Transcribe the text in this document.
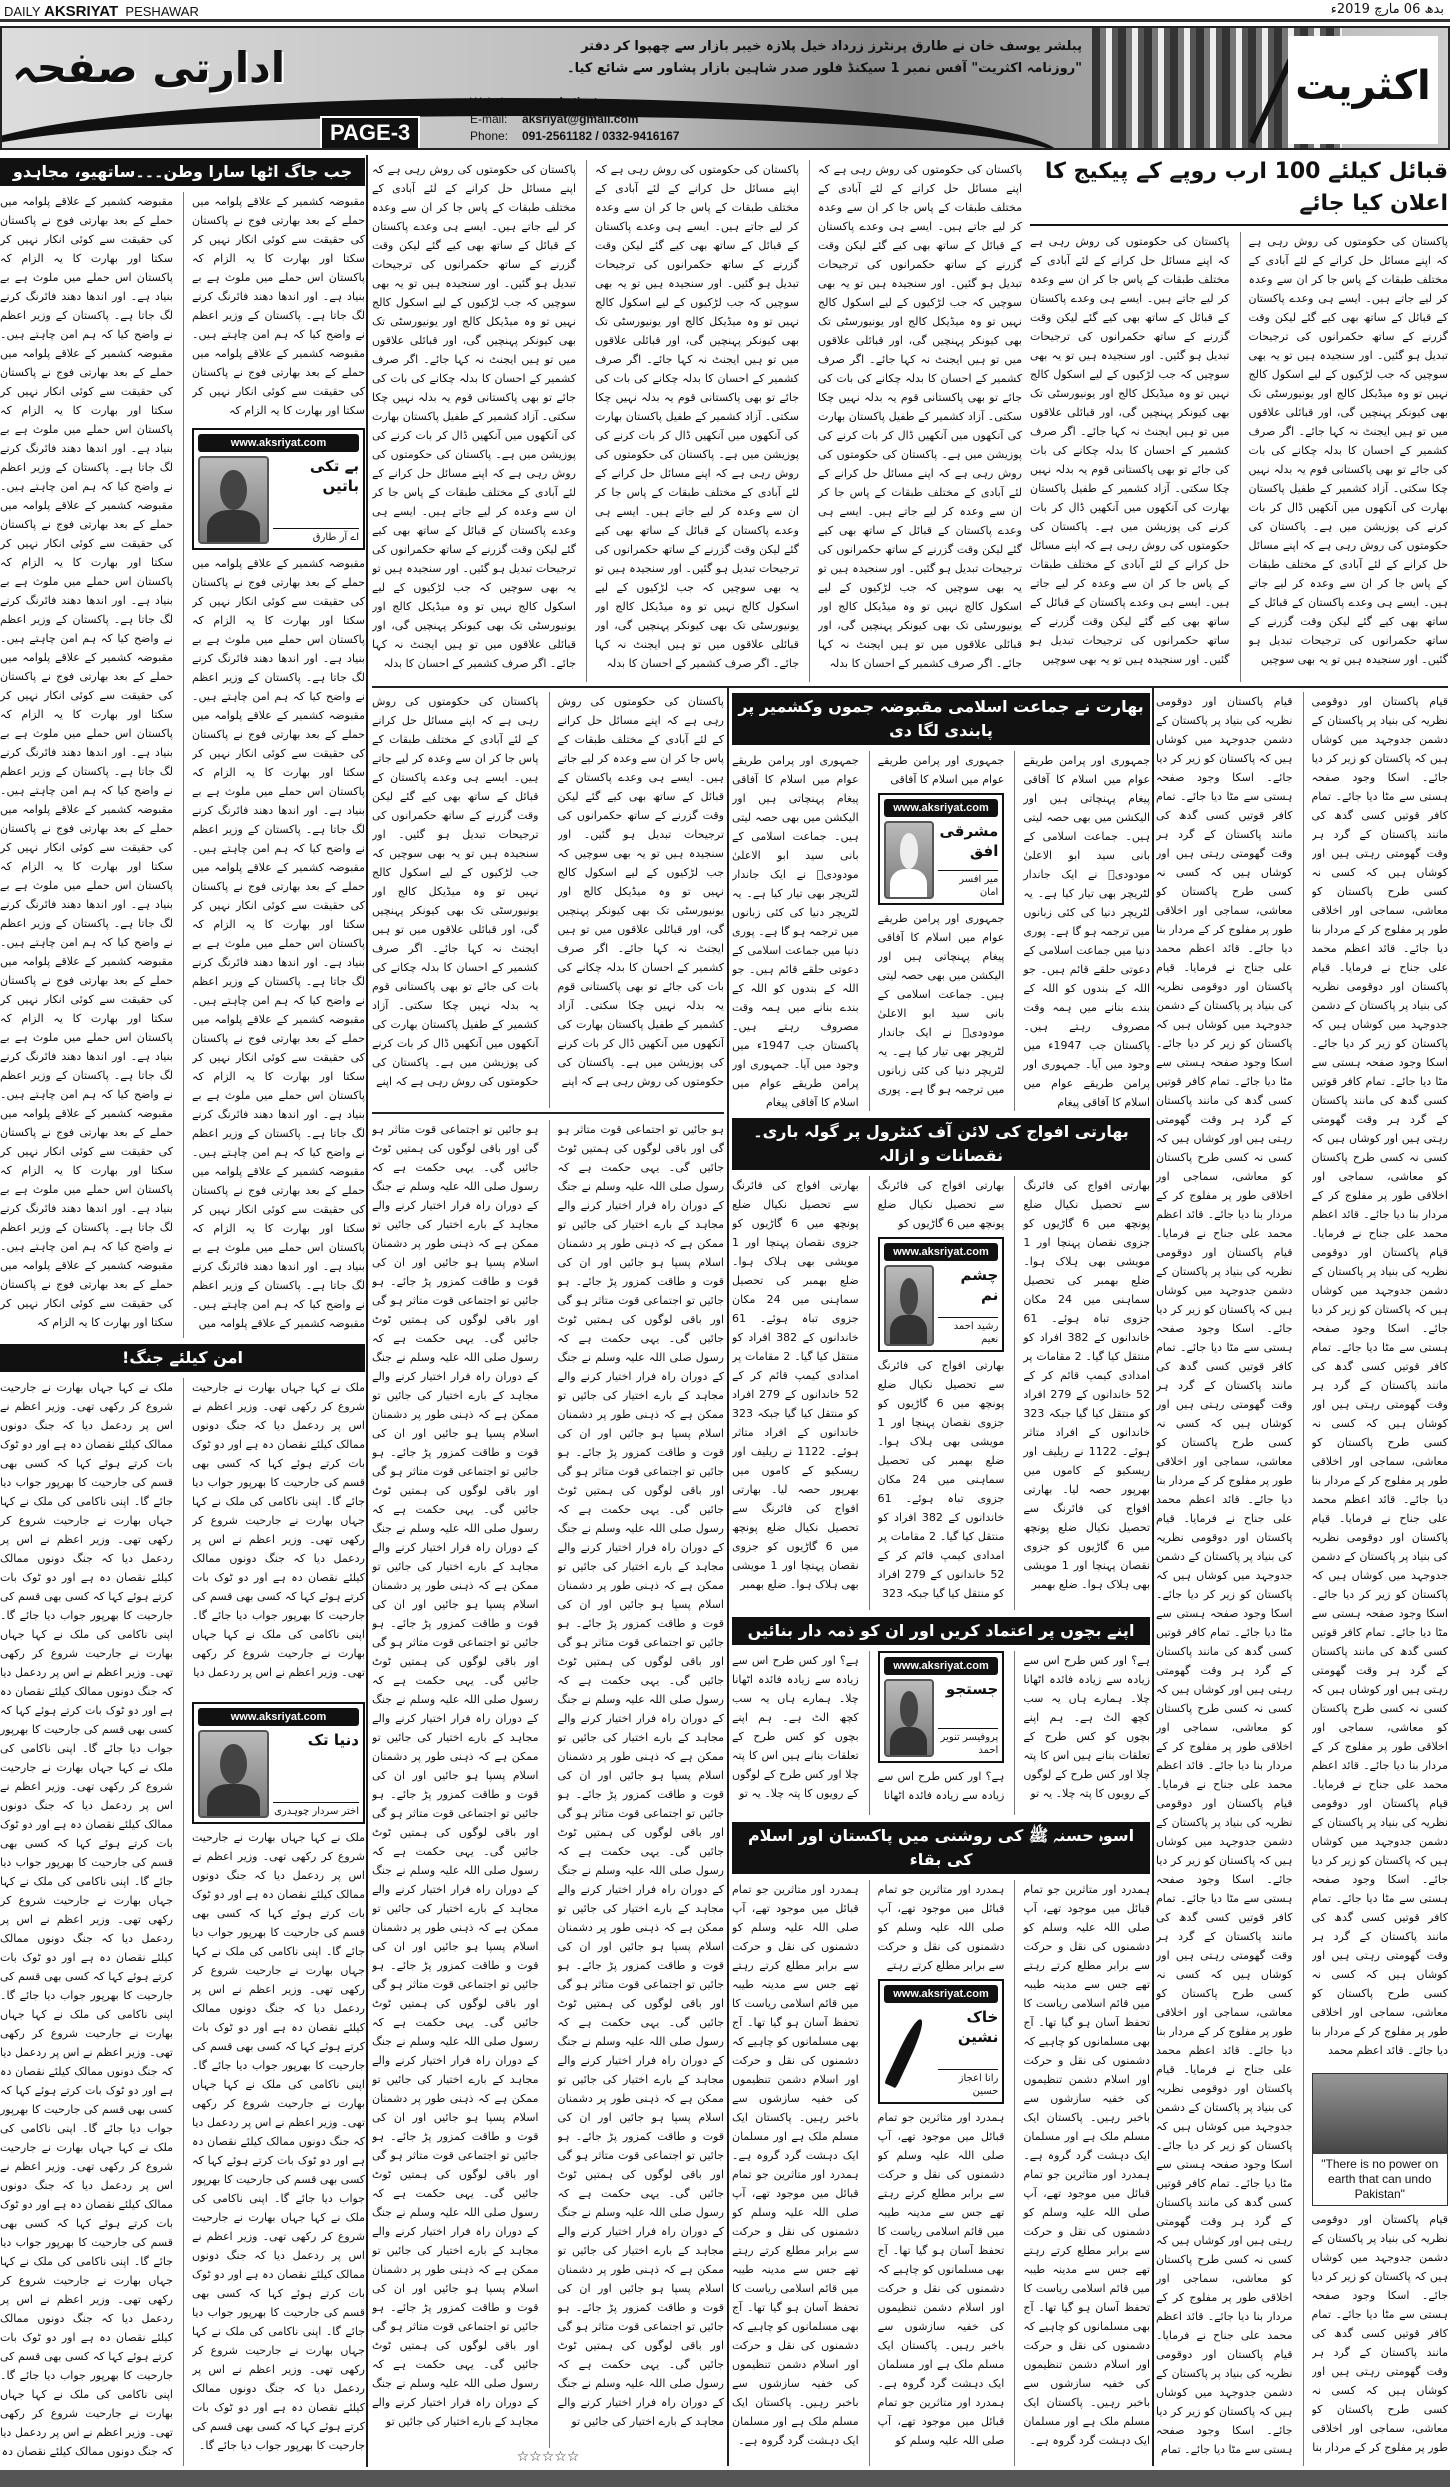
DAILY AKSRIYAT PESHAWAR	بدھ 06 مارچ 2019ء
اکثریت
ادارتی صفحہ	پبلشر یوسف خان نے طارق پرنٹرز زرداد خیل پلازہ خیبر بازار سے چھپوا کر دفتر
"روزنامہ اکثریت" آفس نمبر 1 سیکنڈ فلور صدر شاہین بازار پشاور سے شائع کیا۔
PAGE-3
Website: www.akstiyat.com
E-mail: aksriyat@gmail.com
Phone: 091-2561182 / 0332-9416167
جب جاگ اٹھا سارا وطن۔۔۔ساتھیو، مجاہدو
مقبوضہ کشمیر کے علاقے پلوامہ میں حملے کے بعد بھارتی فوج نے پاکستان کی حقیقت سے کوئی انکار نہیں کر سکتا اور بھارت کا یہ الزام کہ پاکستان اس حملے میں ملوث ہے بے بنیاد ہے۔ اور اندھا دھند فائرنگ کرنے لگ جاتا ہے۔ پاکستان کے وزیر اعظم نے واضح کیا کہ ہم امن چاہتے ہیں۔ مقبوضہ کشمیر کے علاقے پلوامہ میں حملے کے بعد بھارتی فوج نے پاکستان کی حقیقت سے کوئی انکار نہیں کر سکتا اور بھارت کا یہ الزام کہ پاکستان اس حملے میں ملوث ہے بے بنیاد ہے۔ اور اندھا دھند فائرنگ کرنے لگ جاتا ہے۔ پاکستان کے وزیر اعظم نے واضح کیا کہ ہم امن چاہتے ہیں۔ مقبوضہ کشمیر کے علاقے پلوامہ میں حملے کے بعد بھارتی فوج نے پاکستان کی حقیقت سے کوئی انکار نہیں کر سکتا اور بھارت کا یہ الزام کہ پاکستان اس حملے میں ملوث ہے بے بنیاد ہے۔ اور اندھا دھند فائرنگ کرنے لگ جاتا ہے۔ پاکستان کے وزیر اعظم نے واضح کیا کہ ہم امن چاہتے ہیں۔ مقبوضہ کشمیر کے علاقے پلوامہ میں حملے کے بعد بھارتی فوج نے پاکستان کی حقیقت سے کوئی انکار نہیں کر سکتا اور بھارت کا یہ الزام کہ پاکستان اس حملے میں ملوث ہے بے بنیاد ہے۔ اور اندھا دھند فائرنگ کرنے لگ جاتا ہے۔ پاکستان کے وزیر اعظم نے واضح کیا کہ ہم امن چاہتے ہیں۔ مقبوضہ کشمیر کے علاقے پلوامہ میں حملے کے بعد بھارتی فوج نے پاکستان کی حقیقت سے کوئی انکار نہیں کر سکتا اور بھارت کا یہ الزام کہ پاکستان اس حملے میں ملوث ہے بے بنیاد ہے۔ اور اندھا دھند فائرنگ کرنے لگ جاتا ہے۔ پاکستان کے وزیر اعظم نے واضح کیا کہ ہم امن چاہتے ہیں۔ مقبوضہ کشمیر کے علاقے پلوامہ میں حملے کے بعد بھارتی فوج نے پاکستان کی حقیقت سے کوئی انکار نہیں کر سکتا اور بھارت کا یہ الزام کہ پاکستان اس حملے میں ملوث ہے بے بنیاد ہے۔ اور اندھا دھند فائرنگ کرنے لگ جاتا ہے۔ پاکستان کے وزیر اعظم نے واضح کیا کہ ہم امن چاہتے ہیں۔ مقبوضہ کشمیر کے علاقے پلوامہ میں حملے کے بعد بھارتی فوج نے پاکستان کی حقیقت سے کوئی انکار نہیں کر سکتا اور بھارت کا یہ الزام کہ پاکستان اس حملے میں ملوث ہے بے بنیاد ہے۔ اور اندھا دھند فائرنگ کرنے لگ جاتا ہے۔ پاکستان کے وزیر اعظم نے واضح کیا کہ ہم امن چاہتے ہیں۔ مقبوضہ کشمیر کے علاقے پلوامہ میں حملے کے بعد بھارتی فوج نے پاکستان کی حقیقت سے کوئی انکار نہیں کر سکتا اور بھارت کا یہ الزام کہ
مقبوضہ کشمیر کے علاقے پلوامہ میں حملے کے بعد بھارتی فوج نے پاکستان کی حقیقت سے کوئی انکار نہیں کر سکتا اور بھارت کا یہ الزام کہ پاکستان اس حملے میں ملوث ہے بے بنیاد ہے۔ اور اندھا دھند فائرنگ کرنے لگ جاتا ہے۔ پاکستان کے وزیر اعظم نے واضح کیا کہ ہم امن چاہتے ہیں۔ مقبوضہ کشمیر کے علاقے پلوامہ میں حملے کے بعد بھارتی فوج نے پاکستان کی حقیقت سے کوئی انکار نہیں کر سکتا اور بھارت کا یہ الزام کہ
www.aksriyat.com
بے تکی باتیں
اے آر طارق
مقبوضہ کشمیر کے علاقے پلوامہ میں حملے کے بعد بھارتی فوج نے پاکستان کی حقیقت سے کوئی انکار نہیں کر سکتا اور بھارت کا یہ الزام کہ پاکستان اس حملے میں ملوث ہے بے بنیاد ہے۔ اور اندھا دھند فائرنگ کرنے لگ جاتا ہے۔ پاکستان کے وزیر اعظم نے واضح کیا کہ ہم امن چاہتے ہیں۔ مقبوضہ کشمیر کے علاقے پلوامہ میں حملے کے بعد بھارتی فوج نے پاکستان کی حقیقت سے کوئی انکار نہیں کر سکتا اور بھارت کا یہ الزام کہ پاکستان اس حملے میں ملوث ہے بے بنیاد ہے۔ اور اندھا دھند فائرنگ کرنے لگ جاتا ہے۔ پاکستان کے وزیر اعظم نے واضح کیا کہ ہم امن چاہتے ہیں۔ مقبوضہ کشمیر کے علاقے پلوامہ میں حملے کے بعد بھارتی فوج نے پاکستان کی حقیقت سے کوئی انکار نہیں کر سکتا اور بھارت کا یہ الزام کہ پاکستان اس حملے میں ملوث ہے بے بنیاد ہے۔ اور اندھا دھند فائرنگ کرنے لگ جاتا ہے۔ پاکستان کے وزیر اعظم نے واضح کیا کہ ہم امن چاہتے ہیں۔ مقبوضہ کشمیر کے علاقے پلوامہ میں حملے کے بعد بھارتی فوج نے پاکستان کی حقیقت سے کوئی انکار نہیں کر سکتا اور بھارت کا یہ الزام کہ پاکستان اس حملے میں ملوث ہے بے بنیاد ہے۔ اور اندھا دھند فائرنگ کرنے لگ جاتا ہے۔ پاکستان کے وزیر اعظم نے واضح کیا کہ ہم امن چاہتے ہیں۔ مقبوضہ کشمیر کے علاقے پلوامہ میں حملے کے بعد بھارتی فوج نے پاکستان کی حقیقت سے کوئی انکار نہیں کر سکتا اور بھارت کا یہ الزام کہ پاکستان اس حملے میں ملوث ہے بے بنیاد ہے۔ اور اندھا دھند فائرنگ کرنے لگ جاتا ہے۔ پاکستان کے وزیر اعظم نے واضح کیا کہ ہم امن چاہتے ہیں۔ مقبوضہ کشمیر کے علاقے پلوامہ میں
امن کیلئے جنگ!
ملک نے کہا جہاں بھارت نے جارحیت شروع کر رکھی تھی۔ وزیر اعظم نے اس پر ردعمل دیا کہ جنگ دونوں ممالک کیلئے نقصان دہ ہے اور دو ٹوک بات کرتے ہوئے کہا کہ کسی بھی قسم کی جارحیت کا بھرپور جواب دیا جائے گا۔ اپنی ناکامی کی ملک نے کہا جہاں بھارت نے جارحیت شروع کر رکھی تھی۔ وزیر اعظم نے اس پر ردعمل دیا کہ جنگ دونوں ممالک کیلئے نقصان دہ ہے اور دو ٹوک بات کرتے ہوئے کہا کہ کسی بھی قسم کی جارحیت کا بھرپور جواب دیا جائے گا۔ اپنی ناکامی کی ملک نے کہا جہاں بھارت نے جارحیت شروع کر رکھی تھی۔ وزیر اعظم نے اس پر ردعمل دیا کہ جنگ دونوں ممالک کیلئے نقصان دہ ہے اور دو ٹوک بات کرتے ہوئے کہا کہ کسی بھی قسم کی جارحیت کا بھرپور جواب دیا جائے گا۔ اپنی ناکامی کی ملک نے کہا جہاں بھارت نے جارحیت شروع کر رکھی تھی۔ وزیر اعظم نے اس پر ردعمل دیا کہ جنگ دونوں ممالک کیلئے نقصان دہ ہے اور دو ٹوک بات کرتے ہوئے کہا کہ کسی بھی قسم کی جارحیت کا بھرپور جواب دیا جائے گا۔ اپنی ناکامی کی ملک نے کہا جہاں بھارت نے جارحیت شروع کر رکھی تھی۔ وزیر اعظم نے اس پر ردعمل دیا کہ جنگ دونوں ممالک کیلئے نقصان دہ ہے اور دو ٹوک بات کرتے ہوئے کہا کہ کسی بھی قسم کی جارحیت کا بھرپور جواب دیا جائے گا۔ اپنی ناکامی کی ملک نے کہا جہاں بھارت نے جارحیت شروع کر رکھی تھی۔ وزیر اعظم نے اس پر ردعمل دیا کہ جنگ دونوں ممالک کیلئے نقصان دہ ہے اور دو ٹوک بات کرتے ہوئے کہا کہ کسی بھی قسم کی جارحیت کا بھرپور جواب دیا جائے گا۔ اپنی ناکامی کی ملک نے کہا جہاں بھارت نے جارحیت شروع کر رکھی تھی۔ وزیر اعظم نے اس پر ردعمل دیا کہ جنگ دونوں ممالک کیلئے نقصان دہ ہے اور دو ٹوک بات کرتے ہوئے کہا کہ کسی بھی قسم کی جارحیت کا بھرپور جواب دیا جائے گا۔ اپنی ناکامی کی ملک نے کہا جہاں بھارت نے جارحیت شروع کر رکھی تھی۔ وزیر اعظم نے اس پر ردعمل دیا کہ جنگ دونوں ممالک کیلئے نقصان دہ ہے اور دو ٹوک بات کرتے ہوئے کہا کہ کسی بھی قسم کی جارحیت کا بھرپور جواب دیا جائے گا۔ اپنی ناکامی کی ملک نے کہا جہاں بھارت نے جارحیت شروع کر رکھی تھی۔ وزیر اعظم نے اس پر ردعمل دیا کہ جنگ دونوں ممالک کیلئے نقصان دہ
ملک نے کہا جہاں بھارت نے جارحیت شروع کر رکھی تھی۔ وزیر اعظم نے اس پر ردعمل دیا کہ جنگ دونوں ممالک کیلئے نقصان دہ ہے اور دو ٹوک بات کرتے ہوئے کہا کہ کسی بھی قسم کی جارحیت کا بھرپور جواب دیا جائے گا۔ اپنی ناکامی کی ملک نے کہا جہاں بھارت نے جارحیت شروع کر رکھی تھی۔ وزیر اعظم نے اس پر ردعمل دیا کہ جنگ دونوں ممالک کیلئے نقصان دہ ہے اور دو ٹوک بات کرتے ہوئے کہا کہ کسی بھی قسم کی جارحیت کا بھرپور جواب دیا جائے گا۔ اپنی ناکامی کی ملک نے کہا جہاں بھارت نے جارحیت شروع کر رکھی تھی۔ وزیر اعظم نے اس پر ردعمل دیا
www.aksriyat.com
دنیا تک
اختر سردار چوہدری
ملک نے کہا جہاں بھارت نے جارحیت شروع کر رکھی تھی۔ وزیر اعظم نے اس پر ردعمل دیا کہ جنگ دونوں ممالک کیلئے نقصان دہ ہے اور دو ٹوک بات کرتے ہوئے کہا کہ کسی بھی قسم کی جارحیت کا بھرپور جواب دیا جائے گا۔ اپنی ناکامی کی ملک نے کہا جہاں بھارت نے جارحیت شروع کر رکھی تھی۔ وزیر اعظم نے اس پر ردعمل دیا کہ جنگ دونوں ممالک کیلئے نقصان دہ ہے اور دو ٹوک بات کرتے ہوئے کہا کہ کسی بھی قسم کی جارحیت کا بھرپور جواب دیا جائے گا۔ اپنی ناکامی کی ملک نے کہا جہاں بھارت نے جارحیت شروع کر رکھی تھی۔ وزیر اعظم نے اس پر ردعمل دیا کہ جنگ دونوں ممالک کیلئے نقصان دہ ہے اور دو ٹوک بات کرتے ہوئے کہا کہ کسی بھی قسم کی جارحیت کا بھرپور جواب دیا جائے گا۔ اپنی ناکامی کی ملک نے کہا جہاں بھارت نے جارحیت شروع کر رکھی تھی۔ وزیر اعظم نے اس پر ردعمل دیا کہ جنگ دونوں ممالک کیلئے نقصان دہ ہے اور دو ٹوک بات کرتے ہوئے کہا کہ کسی بھی قسم کی جارحیت کا بھرپور جواب دیا جائے گا۔ اپنی ناکامی کی ملک نے کہا جہاں بھارت نے جارحیت شروع کر رکھی تھی۔ وزیر اعظم نے اس پر ردعمل دیا کہ جنگ دونوں ممالک کیلئے نقصان دہ ہے اور دو ٹوک بات کرتے ہوئے کہا کہ کسی بھی قسم کی جارحیت کا بھرپور جواب دیا جائے گا۔
قبائل کیلئے 100 ارب روپے کے پیکیج کا اعلان کیا جائے
پاکستان کی حکومتوں کی روش رہی ہے کہ اپنے مسائل حل کرانے کے لئے آبادی کے مختلف طبقات کے پاس جا کر ان سے وعدہ کر لیے جاتے ہیں۔ ایسے ہی وعدے پاکستان کے قبائل کے ساتھ بھی کیے گئے لیکن وقت گزرنے کے ساتھ حکمرانوں کی ترجیحات تبدیل ہو گئیں۔ اور سنجیدہ ہیں تو یہ بھی سوچیں کہ جب لڑکیوں کے لیے اسکول کالج نہیں تو وہ میڈیکل کالج اور یونیورسٹی تک بھی کیونکر پہنچیں گی، اور قبائلی علاقوں میں تو ہیں ایجنٹ نہ کہا جائے۔ اگر صرف کشمیر کے احسان کا بدلہ چکانے کی بات کی جائے تو بھی پاکستانی قوم یہ بدلہ نہیں چکا سکتی۔ آزاد کشمیر کے طفیل پاکستان بھارت کی آنکھوں میں آنکھیں ڈال کر بات کرنے کی پوزیشن میں ہے۔ پاکستان کی حکومتوں کی روش رہی ہے کہ اپنے مسائل حل کرانے کے لئے آبادی کے مختلف طبقات کے پاس جا کر ان سے وعدہ کر لیے جاتے ہیں۔ ایسے ہی وعدے پاکستان کے قبائل کے ساتھ بھی کیے گئے لیکن وقت گزرنے کے ساتھ حکمرانوں کی ترجیحات تبدیل ہو گئیں۔ اور سنجیدہ ہیں تو یہ بھی سوچیں
پاکستان کی حکومتوں کی روش رہی ہے کہ اپنے مسائل حل کرانے کے لئے آبادی کے مختلف طبقات کے پاس جا کر ان سے وعدہ کر لیے جاتے ہیں۔ ایسے ہی وعدے پاکستان کے قبائل کے ساتھ بھی کیے گئے لیکن وقت گزرنے کے ساتھ حکمرانوں کی ترجیحات تبدیل ہو گئیں۔ اور سنجیدہ ہیں تو یہ بھی سوچیں کہ جب لڑکیوں کے لیے اسکول کالج نہیں تو وہ میڈیکل کالج اور یونیورسٹی تک بھی کیونکر پہنچیں گی، اور قبائلی علاقوں میں تو ہیں ایجنٹ نہ کہا جائے۔ اگر صرف کشمیر کے احسان کا بدلہ چکانے کی بات کی جائے تو بھی پاکستانی قوم یہ بدلہ نہیں چکا سکتی۔ آزاد کشمیر کے طفیل پاکستان بھارت کی آنکھوں میں آنکھیں ڈال کر بات کرنے کی پوزیشن میں ہے۔ پاکستان کی حکومتوں کی روش رہی ہے کہ اپنے مسائل حل کرانے کے لئے آبادی کے مختلف طبقات کے پاس جا کر ان سے وعدہ کر لیے جاتے ہیں۔ ایسے ہی وعدے پاکستان کے قبائل کے ساتھ بھی کیے گئے لیکن وقت گزرنے کے ساتھ حکمرانوں کی ترجیحات تبدیل ہو گئیں۔ اور سنجیدہ ہیں تو یہ بھی سوچیں
پاکستان کی حکومتوں کی روش رہی ہے کہ اپنے مسائل حل کرانے کے لئے آبادی کے مختلف طبقات کے پاس جا کر ان سے وعدہ کر لیے جاتے ہیں۔ ایسے ہی وعدے پاکستان کے قبائل کے ساتھ بھی کیے گئے لیکن وقت گزرنے کے ساتھ حکمرانوں کی ترجیحات تبدیل ہو گئیں۔ اور سنجیدہ ہیں تو یہ بھی سوچیں کہ جب لڑکیوں کے لیے اسکول کالج نہیں تو وہ میڈیکل کالج اور یونیورسٹی تک بھی کیونکر پہنچیں گی، اور قبائلی علاقوں میں تو ہیں ایجنٹ نہ کہا جائے۔ اگر صرف کشمیر کے احسان کا بدلہ چکانے کی بات کی جائے تو بھی پاکستانی قوم یہ بدلہ نہیں چکا سکتی۔ آزاد کشمیر کے طفیل پاکستان بھارت کی آنکھوں میں آنکھیں ڈال کر بات کرنے کی پوزیشن میں ہے۔ پاکستان کی حکومتوں کی روش رہی ہے کہ اپنے مسائل حل کرانے کے لئے آبادی کے مختلف طبقات کے پاس جا کر ان سے وعدہ کر لیے جاتے ہیں۔ ایسے ہی وعدے پاکستان کے قبائل کے ساتھ بھی کیے گئے لیکن وقت گزرنے کے ساتھ حکمرانوں کی ترجیحات تبدیل ہو گئیں۔ اور سنجیدہ ہیں تو یہ بھی سوچیں کہ جب لڑکیوں کے لیے اسکول کالج نہیں تو وہ میڈیکل کالج اور یونیورسٹی تک بھی کیونکر پہنچیں گی، اور قبائلی علاقوں میں تو ہیں ایجنٹ نہ کہا جائے۔ اگر صرف کشمیر کے احسان کا بدلہ
پاکستان کی حکومتوں کی روش رہی ہے کہ اپنے مسائل حل کرانے کے لئے آبادی کے مختلف طبقات کے پاس جا کر ان سے وعدہ کر لیے جاتے ہیں۔ ایسے ہی وعدے پاکستان کے قبائل کے ساتھ بھی کیے گئے لیکن وقت گزرنے کے ساتھ حکمرانوں کی ترجیحات تبدیل ہو گئیں۔ اور سنجیدہ ہیں تو یہ بھی سوچیں کہ جب لڑکیوں کے لیے اسکول کالج نہیں تو وہ میڈیکل کالج اور یونیورسٹی تک بھی کیونکر پہنچیں گی، اور قبائلی علاقوں میں تو ہیں ایجنٹ نہ کہا جائے۔ اگر صرف کشمیر کے احسان کا بدلہ چکانے کی بات کی جائے تو بھی پاکستانی قوم یہ بدلہ نہیں چکا سکتی۔ آزاد کشمیر کے طفیل پاکستان بھارت کی آنکھوں میں آنکھیں ڈال کر بات کرنے کی پوزیشن میں ہے۔ پاکستان کی حکومتوں کی روش رہی ہے کہ اپنے مسائل حل کرانے کے لئے آبادی کے مختلف طبقات کے پاس جا کر ان سے وعدہ کر لیے جاتے ہیں۔ ایسے ہی وعدے پاکستان کے قبائل کے ساتھ بھی کیے گئے لیکن وقت گزرنے کے ساتھ حکمرانوں کی ترجیحات تبدیل ہو گئیں۔ اور سنجیدہ ہیں تو یہ بھی سوچیں کہ جب لڑکیوں کے لیے اسکول کالج نہیں تو وہ میڈیکل کالج اور یونیورسٹی تک بھی کیونکر پہنچیں گی، اور قبائلی علاقوں میں تو ہیں ایجنٹ نہ کہا جائے۔ اگر صرف کشمیر کے احسان کا بدلہ
پاکستان کی حکومتوں کی روش رہی ہے کہ اپنے مسائل حل کرانے کے لئے آبادی کے مختلف طبقات کے پاس جا کر ان سے وعدہ کر لیے جاتے ہیں۔ ایسے ہی وعدے پاکستان کے قبائل کے ساتھ بھی کیے گئے لیکن وقت گزرنے کے ساتھ حکمرانوں کی ترجیحات تبدیل ہو گئیں۔ اور سنجیدہ ہیں تو یہ بھی سوچیں کہ جب لڑکیوں کے لیے اسکول کالج نہیں تو وہ میڈیکل کالج اور یونیورسٹی تک بھی کیونکر پہنچیں گی، اور قبائلی علاقوں میں تو ہیں ایجنٹ نہ کہا جائے۔ اگر صرف کشمیر کے احسان کا بدلہ چکانے کی بات کی جائے تو بھی پاکستانی قوم یہ بدلہ نہیں چکا سکتی۔ آزاد کشمیر کے طفیل پاکستان بھارت کی آنکھوں میں آنکھیں ڈال کر بات کرنے کی پوزیشن میں ہے۔ پاکستان کی حکومتوں کی روش رہی ہے کہ اپنے مسائل حل کرانے کے لئے آبادی کے مختلف طبقات کے پاس جا کر ان سے وعدہ کر لیے جاتے ہیں۔ ایسے ہی وعدے پاکستان کے قبائل کے ساتھ بھی کیے گئے لیکن وقت گزرنے کے ساتھ حکمرانوں کی ترجیحات تبدیل ہو گئیں۔ اور سنجیدہ ہیں تو یہ بھی سوچیں کہ جب لڑکیوں کے لیے اسکول کالج نہیں تو وہ میڈیکل کالج اور یونیورسٹی تک بھی کیونکر پہنچیں گی، اور قبائلی علاقوں میں تو ہیں ایجنٹ نہ کہا جائے۔ اگر صرف کشمیر کے احسان کا بدلہ
پاکستان کی حکومتوں کی روش رہی ہے کہ اپنے مسائل حل کرانے کے لئے آبادی کے مختلف طبقات کے پاس جا کر ان سے وعدہ کر لیے جاتے ہیں۔ ایسے ہی وعدے پاکستان کے قبائل کے ساتھ بھی کیے گئے لیکن وقت گزرنے کے ساتھ حکمرانوں کی ترجیحات تبدیل ہو گئیں۔ اور سنجیدہ ہیں تو یہ بھی سوچیں کہ جب لڑکیوں کے لیے اسکول کالج نہیں تو وہ میڈیکل کالج اور یونیورسٹی تک بھی کیونکر پہنچیں گی، اور قبائلی علاقوں میں تو ہیں ایجنٹ نہ کہا جائے۔ اگر صرف کشمیر کے احسان کا بدلہ چکانے کی بات کی جائے تو بھی پاکستانی قوم یہ بدلہ نہیں چکا سکتی۔ آزاد کشمیر کے طفیل پاکستان بھارت کی آنکھوں میں آنکھیں ڈال کر بات کرنے کی پوزیشن میں ہے۔ پاکستان کی حکومتوں کی روش رہی ہے کہ اپنے
پاکستان کی حکومتوں کی روش رہی ہے کہ اپنے مسائل حل کرانے کے لئے آبادی کے مختلف طبقات کے پاس جا کر ان سے وعدہ کر لیے جاتے ہیں۔ ایسے ہی وعدے پاکستان کے قبائل کے ساتھ بھی کیے گئے لیکن وقت گزرنے کے ساتھ حکمرانوں کی ترجیحات تبدیل ہو گئیں۔ اور سنجیدہ ہیں تو یہ بھی سوچیں کہ جب لڑکیوں کے لیے اسکول کالج نہیں تو وہ میڈیکل کالج اور یونیورسٹی تک بھی کیونکر پہنچیں گی، اور قبائلی علاقوں میں تو ہیں ایجنٹ نہ کہا جائے۔ اگر صرف کشمیر کے احسان کا بدلہ چکانے کی بات کی جائے تو بھی پاکستانی قوم یہ بدلہ نہیں چکا سکتی۔ آزاد کشمیر کے طفیل پاکستان بھارت کی آنکھوں میں آنکھیں ڈال کر بات کرنے کی پوزیشن میں ہے۔ پاکستان کی حکومتوں کی روش رہی ہے کہ اپنے
ہو جائیں تو اجتماعی قوت متاثر ہو گی اور باقی لوگوں کی ہمتیں ٹوٹ جائیں گی۔ یہی حکمت ہے کہ رسول صلی اللہ علیہ وسلم نے جنگ کے دوران راہ فرار اختیار کرنے والے مجاہد کے بارے اختیار کی جائیں تو ممکن ہے کہ ذہنی طور پر دشمنان اسلام پسپا ہو جائیں اور ان کی قوت و طاقت کمزور پڑ جائے۔ ہو جائیں تو اجتماعی قوت متاثر ہو گی اور باقی لوگوں کی ہمتیں ٹوٹ جائیں گی۔ یہی حکمت ہے کہ رسول صلی اللہ علیہ وسلم نے جنگ کے دوران راہ فرار اختیار کرنے والے مجاہد کے بارے اختیار کی جائیں تو ممکن ہے کہ ذہنی طور پر دشمنان اسلام پسپا ہو جائیں اور ان کی قوت و طاقت کمزور پڑ جائے۔ ہو جائیں تو اجتماعی قوت متاثر ہو گی اور باقی لوگوں کی ہمتیں ٹوٹ جائیں گی۔ یہی حکمت ہے کہ رسول صلی اللہ علیہ وسلم نے جنگ کے دوران راہ فرار اختیار کرنے والے مجاہد کے بارے اختیار کی جائیں تو ممکن ہے کہ ذہنی طور پر دشمنان اسلام پسپا ہو جائیں اور ان کی قوت و طاقت کمزور پڑ جائے۔ ہو جائیں تو اجتماعی قوت متاثر ہو گی اور باقی لوگوں کی ہمتیں ٹوٹ جائیں گی۔ یہی حکمت ہے کہ رسول صلی اللہ علیہ وسلم نے جنگ کے دوران راہ فرار اختیار کرنے والے مجاہد کے بارے اختیار کی جائیں تو ممکن ہے کہ ذہنی طور پر دشمنان اسلام پسپا ہو جائیں اور ان کی قوت و طاقت کمزور پڑ جائے۔ ہو جائیں تو اجتماعی قوت متاثر ہو گی اور باقی لوگوں کی ہمتیں ٹوٹ جائیں گی۔ یہی حکمت ہے کہ رسول صلی اللہ علیہ وسلم نے جنگ کے دوران راہ فرار اختیار کرنے والے مجاہد کے بارے اختیار کی جائیں تو ممکن ہے کہ ذہنی طور پر دشمنان اسلام پسپا ہو جائیں اور ان کی قوت و طاقت کمزور پڑ جائے۔ ہو جائیں تو اجتماعی قوت متاثر ہو گی اور باقی لوگوں کی ہمتیں ٹوٹ جائیں گی۔ یہی حکمت ہے کہ رسول صلی اللہ علیہ وسلم نے جنگ کے دوران راہ فرار اختیار کرنے والے مجاہد کے بارے اختیار کی جائیں تو ممکن ہے کہ ذہنی طور پر دشمنان اسلام پسپا ہو جائیں اور ان کی قوت و طاقت کمزور پڑ جائے۔ ہو جائیں تو اجتماعی قوت متاثر ہو گی اور باقی لوگوں کی ہمتیں ٹوٹ جائیں گی۔ یہی حکمت ہے کہ رسول صلی اللہ علیہ وسلم نے جنگ کے دوران راہ فرار اختیار کرنے والے مجاہد کے بارے اختیار کی جائیں تو ممکن ہے کہ ذہنی طور پر دشمنان اسلام پسپا ہو جائیں اور ان کی قوت و طاقت کمزور پڑ جائے۔ ہو جائیں تو اجتماعی قوت متاثر ہو گی اور باقی لوگوں کی ہمتیں ٹوٹ جائیں گی۔ یہی حکمت ہے کہ رسول صلی اللہ علیہ وسلم نے جنگ کے دوران راہ فرار اختیار کرنے والے مجاہد کے بارے اختیار کی جائیں تو
ہو جائیں تو اجتماعی قوت متاثر ہو گی اور باقی لوگوں کی ہمتیں ٹوٹ جائیں گی۔ یہی حکمت ہے کہ رسول صلی اللہ علیہ وسلم نے جنگ کے دوران راہ فرار اختیار کرنے والے مجاہد کے بارے اختیار کی جائیں تو ممکن ہے کہ ذہنی طور پر دشمنان اسلام پسپا ہو جائیں اور ان کی قوت و طاقت کمزور پڑ جائے۔ ہو جائیں تو اجتماعی قوت متاثر ہو گی اور باقی لوگوں کی ہمتیں ٹوٹ جائیں گی۔ یہی حکمت ہے کہ رسول صلی اللہ علیہ وسلم نے جنگ کے دوران راہ فرار اختیار کرنے والے مجاہد کے بارے اختیار کی جائیں تو ممکن ہے کہ ذہنی طور پر دشمنان اسلام پسپا ہو جائیں اور ان کی قوت و طاقت کمزور پڑ جائے۔ ہو جائیں تو اجتماعی قوت متاثر ہو گی اور باقی لوگوں کی ہمتیں ٹوٹ جائیں گی۔ یہی حکمت ہے کہ رسول صلی اللہ علیہ وسلم نے جنگ کے دوران راہ فرار اختیار کرنے والے مجاہد کے بارے اختیار کی جائیں تو ممکن ہے کہ ذہنی طور پر دشمنان اسلام پسپا ہو جائیں اور ان کی قوت و طاقت کمزور پڑ جائے۔ ہو جائیں تو اجتماعی قوت متاثر ہو گی اور باقی لوگوں کی ہمتیں ٹوٹ جائیں گی۔ یہی حکمت ہے کہ رسول صلی اللہ علیہ وسلم نے جنگ کے دوران راہ فرار اختیار کرنے والے مجاہد کے بارے اختیار کی جائیں تو ممکن ہے کہ ذہنی طور پر دشمنان اسلام پسپا ہو جائیں اور ان کی قوت و طاقت کمزور پڑ جائے۔ ہو جائیں تو اجتماعی قوت متاثر ہو گی اور باقی لوگوں کی ہمتیں ٹوٹ جائیں گی۔ یہی حکمت ہے کہ رسول صلی اللہ علیہ وسلم نے جنگ کے دوران راہ فرار اختیار کرنے والے مجاہد کے بارے اختیار کی جائیں تو ممکن ہے کہ ذہنی طور پر دشمنان اسلام پسپا ہو جائیں اور ان کی قوت و طاقت کمزور پڑ جائے۔ ہو جائیں تو اجتماعی قوت متاثر ہو گی اور باقی لوگوں کی ہمتیں ٹوٹ جائیں گی۔ یہی حکمت ہے کہ رسول صلی اللہ علیہ وسلم نے جنگ کے دوران راہ فرار اختیار کرنے والے مجاہد کے بارے اختیار کی جائیں تو ممکن ہے کہ ذہنی طور پر دشمنان اسلام پسپا ہو جائیں اور ان کی قوت و طاقت کمزور پڑ جائے۔ ہو جائیں تو اجتماعی قوت متاثر ہو گی اور باقی لوگوں کی ہمتیں ٹوٹ جائیں گی۔ یہی حکمت ہے کہ رسول صلی اللہ علیہ وسلم نے جنگ کے دوران راہ فرار اختیار کرنے والے مجاہد کے بارے اختیار کی جائیں تو ممکن ہے کہ ذہنی طور پر دشمنان اسلام پسپا ہو جائیں اور ان کی قوت و طاقت کمزور پڑ جائے۔ ہو جائیں تو اجتماعی قوت متاثر ہو گی اور باقی لوگوں کی ہمتیں ٹوٹ جائیں گی۔ یہی حکمت ہے کہ رسول صلی اللہ علیہ وسلم نے جنگ کے دوران راہ فرار اختیار کرنے والے مجاہد کے بارے اختیار کی جائیں تو
☆☆☆☆☆
بھارت نے جماعت اسلامی مقبوضہ جموں وکشمیر پر پابندی لگا دی
جمہوری اور پرامن طریقے عوام میں اسلام کا آفاقی پیغام پہنچاتی ہیں اور الیکشن میں بھی حصہ لیتی ہیں۔ جماعت اسلامی کے بانی سید ابو الاعلیٰ مودودیؒ نے ایک جاندار لٹریچر بھی تیار کیا ہے۔ یہ لٹریچر دنیا کی کئی زبانوں میں ترجمہ ہو گا ہے۔ پوری دنیا میں جماعت اسلامی کے دعوتی حلقے قائم ہیں۔ جو اللہ کے بندوں کو اللہ کے بندے بنانے میں ہمہ وقت مصروف رہتے ہیں۔ پاکستان جب 1947ء میں وجود میں آیا۔ جمہوری اور پرامن طریقے عوام میں اسلام کا آفاقی پیغام
جمہوری اور پرامن طریقے عوام میں اسلام کا آفاقی
www.aksriyat.com
مشرقی افق
میر افسر امان
جمہوری اور پرامن طریقے عوام میں اسلام کا آفاقی پیغام پہنچاتی ہیں اور الیکشن میں بھی حصہ لیتی ہیں۔ جماعت اسلامی کے بانی سید ابو الاعلیٰ مودودیؒ نے ایک جاندار لٹریچر بھی تیار کیا ہے۔ یہ لٹریچر دنیا کی کئی زبانوں میں ترجمہ ہو گا ہے۔ پوری
جمہوری اور پرامن طریقے عوام میں اسلام کا آفاقی پیغام پہنچاتی ہیں اور الیکشن میں بھی حصہ لیتی ہیں۔ جماعت اسلامی کے بانی سید ابو الاعلیٰ مودودیؒ نے ایک جاندار لٹریچر بھی تیار کیا ہے۔ یہ لٹریچر دنیا کی کئی زبانوں میں ترجمہ ہو گا ہے۔ پوری دنیا میں جماعت اسلامی کے دعوتی حلقے قائم ہیں۔ جو اللہ کے بندوں کو اللہ کے بندے بنانے میں ہمہ وقت مصروف رہتے ہیں۔ پاکستان جب 1947ء میں وجود میں آیا۔ جمہوری اور پرامن طریقے عوام میں اسلام کا آفاقی پیغام
بھارتی افواج کی لائن آف کنٹرول پر گولہ باری۔ نقصانات و ازالہ
بھارتی افواج کی فائرنگ سے تحصیل نکیال ضلع پونچھ میں 6 گاڑیوں کو جزوی نقصان پہنچا اور 1 مویشی بھی ہلاک ہوا۔ ضلع بھمبر کی تحصیل سماہنی میں 24 مکان جزوی تباہ ہوئے۔ 61 خاندانوں کے 382 افراد کو منتقل کیا گیا۔ 2 مقامات پر امدادی کیمپ قائم کر کے 52 خاندانوں کے 279 افراد کو منتقل کیا گیا جبکہ 323 خاندانوں کے افراد متاثر ہوئے۔ 1122 نے ریلیف اور ریسکیو کے کاموں میں بھرپور حصہ لیا۔ بھارتی افواج کی فائرنگ سے تحصیل نکیال ضلع پونچھ میں 6 گاڑیوں کو جزوی نقصان پہنچا اور 1 مویشی بھی ہلاک ہوا۔ ضلع بھمبر
بھارتی افواج کی فائرنگ سے تحصیل نکیال ضلع پونچھ میں 6 گاڑیوں کو
www.aksriyat.com
چشم نم
رشید احمد نعیم
بھارتی افواج کی فائرنگ سے تحصیل نکیال ضلع پونچھ میں 6 گاڑیوں کو جزوی نقصان پہنچا اور 1 مویشی بھی ہلاک ہوا۔ ضلع بھمبر کی تحصیل سماہنی میں 24 مکان جزوی تباہ ہوئے۔ 61 خاندانوں کے 382 افراد کو منتقل کیا گیا۔ 2 مقامات پر امدادی کیمپ قائم کر کے 52 خاندانوں کے 279 افراد کو منتقل کیا گیا جبکہ 323
بھارتی افواج کی فائرنگ سے تحصیل نکیال ضلع پونچھ میں 6 گاڑیوں کو جزوی نقصان پہنچا اور 1 مویشی بھی ہلاک ہوا۔ ضلع بھمبر کی تحصیل سماہنی میں 24 مکان جزوی تباہ ہوئے۔ 61 خاندانوں کے 382 افراد کو منتقل کیا گیا۔ 2 مقامات پر امدادی کیمپ قائم کر کے 52 خاندانوں کے 279 افراد کو منتقل کیا گیا جبکہ 323 خاندانوں کے افراد متاثر ہوئے۔ 1122 نے ریلیف اور ریسکیو کے کاموں میں بھرپور حصہ لیا۔ بھارتی افواج کی فائرنگ سے تحصیل نکیال ضلع پونچھ میں 6 گاڑیوں کو جزوی نقصان پہنچا اور 1 مویشی بھی ہلاک ہوا۔ ضلع بھمبر
اپنے بچوں پر اعتماد کریں اور ان کو ذمہ دار بنائیں
ہے؟ اور کس طرح اس سے زیادہ سے زیادہ فائدہ اٹھانا چلا۔ ہمارے ہاں یہ سب کچھ الٹ ہے۔ ہم اپنے بچوں کو کس طرح کے تعلقات بنانے ہیں اس کا پتہ چلا اور کس طرح کے لوگوں کے رویوں کا پتہ چلا۔ یہ تو
www.aksriyat.com
جستجو
پروفیسر تنویر احمد
ہے؟ اور کس طرح اس سے زیادہ سے زیادہ فائدہ اٹھانا
ہے؟ اور کس طرح اس سے زیادہ سے زیادہ فائدہ اٹھانا چلا۔ ہمارے ہاں یہ سب کچھ الٹ ہے۔ ہم اپنے بچوں کو کس طرح کے تعلقات بنانے ہیں اس کا پتہ چلا اور کس طرح کے لوگوں کے رویوں کا پتہ چلا۔ یہ تو
اسوہ حسنہ ﷺ کی روشنی میں پاکستان اور اسلام کی بقاء
ہمدرد اور متاثرین جو تمام قبائل میں موجود تھے، آپ صلی اللہ علیہ وسلم کو دشمنوں کی نقل و حرکت سے برابر مطلع کرتے رہتے تھے جس سے مدینہ طیبہ میں قائم اسلامی ریاست کا تحفظ آسان ہو گیا تھا۔ آج بھی مسلمانوں کو چاہیے کہ دشمنوں کی نقل و حرکت اور اسلام دشمن تنظیموں کی خفیہ سازشوں سے باخبر رہیں۔ پاکستان ایک مسلم ملک ہے اور مسلمان ایک دہشت گرد گروہ ہے۔ ہمدرد اور متاثرین جو تمام قبائل میں موجود تھے، آپ صلی اللہ علیہ وسلم کو دشمنوں کی نقل و حرکت سے برابر مطلع کرتے رہتے تھے جس سے مدینہ طیبہ میں قائم اسلامی ریاست کا تحفظ آسان ہو گیا تھا۔ آج بھی مسلمانوں کو چاہیے کہ دشمنوں کی نقل و حرکت اور اسلام دشمن تنظیموں کی خفیہ سازشوں سے باخبر رہیں۔ پاکستان ایک مسلم ملک ہے اور مسلمان ایک دہشت گرد گروہ ہے۔
ہمدرد اور متاثرین جو تمام قبائل میں موجود تھے، آپ صلی اللہ علیہ وسلم کو دشمنوں کی نقل و حرکت سے برابر مطلع کرتے رہتے
www.aksriyat.com
خاک نشین
رانا اعجاز حسین
ہمدرد اور متاثرین جو تمام قبائل میں موجود تھے، آپ صلی اللہ علیہ وسلم کو دشمنوں کی نقل و حرکت سے برابر مطلع کرتے رہتے تھے جس سے مدینہ طیبہ میں قائم اسلامی ریاست کا تحفظ آسان ہو گیا تھا۔ آج بھی مسلمانوں کو چاہیے کہ دشمنوں کی نقل و حرکت اور اسلام دشمن تنظیموں کی خفیہ سازشوں سے باخبر رہیں۔ پاکستان ایک مسلم ملک ہے اور مسلمان ایک دہشت گرد گروہ ہے۔ ہمدرد اور متاثرین جو تمام قبائل میں موجود تھے، آپ صلی اللہ علیہ وسلم کو
ہمدرد اور متاثرین جو تمام قبائل میں موجود تھے، آپ صلی اللہ علیہ وسلم کو دشمنوں کی نقل و حرکت سے برابر مطلع کرتے رہتے تھے جس سے مدینہ طیبہ میں قائم اسلامی ریاست کا تحفظ آسان ہو گیا تھا۔ آج بھی مسلمانوں کو چاہیے کہ دشمنوں کی نقل و حرکت اور اسلام دشمن تنظیموں کی خفیہ سازشوں سے باخبر رہیں۔ پاکستان ایک مسلم ملک ہے اور مسلمان ایک دہشت گرد گروہ ہے۔ ہمدرد اور متاثرین جو تمام قبائل میں موجود تھے، آپ صلی اللہ علیہ وسلم کو دشمنوں کی نقل و حرکت سے برابر مطلع کرتے رہتے تھے جس سے مدینہ طیبہ میں قائم اسلامی ریاست کا تحفظ آسان ہو گیا تھا۔ آج بھی مسلمانوں کو چاہیے کہ دشمنوں کی نقل و حرکت اور اسلام دشمن تنظیموں کی خفیہ سازشوں سے باخبر رہیں۔ پاکستان ایک مسلم ملک ہے اور مسلمان ایک دہشت گرد گروہ ہے۔
قیام پاکستان اور دوقومی نظریہ کی بنیاد پر پاکستان کے دشمن جدوجہد میں کوشاں ہیں کہ پاکستان کو زیر کر دیا جائے۔ اسکا وجود صفحہ ہستی سے مٹا دیا جائے۔ تمام کافر قوتیں کسی گدھ کی مانند پاکستان کے گرد ہر وقت گھومتی رہتی ہیں اور کوشاں ہیں کہ کسی نہ کسی طرح پاکستان کو معاشی، سماجی اور اخلاقی طور پر مفلوج کر کے مردار بنا دیا جائے۔ قائد اعظم محمد علی جناح نے فرمایا۔ قیام پاکستان اور دوقومی نظریہ کی بنیاد پر پاکستان کے دشمن جدوجہد میں کوشاں ہیں کہ پاکستان کو زیر کر دیا جائے۔ اسکا وجود صفحہ ہستی سے مٹا دیا جائے۔ تمام کافر قوتیں کسی گدھ کی مانند پاکستان کے گرد ہر وقت گھومتی رہتی ہیں اور کوشاں ہیں کہ کسی نہ کسی طرح پاکستان کو معاشی، سماجی اور اخلاقی طور پر مفلوج کر کے مردار بنا دیا جائے۔ قائد اعظم محمد علی جناح نے فرمایا۔ قیام پاکستان اور دوقومی نظریہ کی بنیاد پر پاکستان کے دشمن جدوجہد میں کوشاں ہیں کہ پاکستان کو زیر کر دیا جائے۔ اسکا وجود صفحہ ہستی سے مٹا دیا جائے۔ تمام کافر قوتیں کسی گدھ کی مانند پاکستان کے گرد ہر وقت گھومتی رہتی ہیں اور کوشاں ہیں کہ کسی نہ کسی طرح پاکستان کو معاشی، سماجی اور اخلاقی طور پر مفلوج کر کے مردار بنا دیا جائے۔ قائد اعظم محمد علی جناح نے فرمایا۔ قیام پاکستان اور دوقومی نظریہ کی بنیاد پر پاکستان کے دشمن جدوجہد میں کوشاں ہیں کہ پاکستان کو زیر کر دیا جائے۔ اسکا وجود صفحہ ہستی سے مٹا دیا جائے۔ تمام کافر قوتیں کسی گدھ کی مانند پاکستان کے گرد ہر وقت گھومتی رہتی ہیں اور کوشاں ہیں کہ کسی نہ کسی طرح پاکستان کو معاشی، سماجی اور اخلاقی طور پر مفلوج کر کے مردار بنا دیا جائے۔ قائد اعظم محمد علی جناح نے فرمایا۔ قیام پاکستان اور دوقومی نظریہ کی بنیاد پر پاکستان کے دشمن جدوجہد میں کوشاں ہیں کہ پاکستان کو زیر کر دیا جائے۔ اسکا وجود صفحہ ہستی سے مٹا دیا جائے۔ تمام کافر قوتیں کسی گدھ کی مانند پاکستان کے گرد ہر وقت گھومتی رہتی ہیں اور کوشاں ہیں کہ کسی نہ کسی طرح پاکستان کو معاشی، سماجی اور اخلاقی طور پر مفلوج کر کے مردار بنا دیا جائے۔ قائد اعظم محمد علی جناح نے فرمایا۔ قیام پاکستان اور دوقومی نظریہ کی بنیاد پر پاکستان کے دشمن جدوجہد میں کوشاں ہیں کہ پاکستان کو زیر کر دیا جائے۔ اسکا وجود صفحہ ہستی سے مٹا دیا جائے۔ تمام کافر قوتیں کسی گدھ کی مانند پاکستان کے گرد ہر وقت گھومتی رہتی ہیں اور کوشاں ہیں کہ کسی نہ کسی طرح پاکستان کو معاشی، سماجی اور اخلاقی طور پر مفلوج کر کے مردار بنا دیا جائے۔ قائد اعظم محمد علی جناح نے فرمایا۔ قیام پاکستان اور دوقومی نظریہ کی بنیاد پر پاکستان کے دشمن جدوجہد میں کوشاں ہیں کہ پاکستان کو زیر کر دیا جائے۔ اسکا وجود صفحہ ہستی سے مٹا دیا جائے۔ تمام
قیام پاکستان اور دوقومی نظریہ کی بنیاد پر پاکستان کے دشمن جدوجہد میں کوشاں ہیں کہ پاکستان کو زیر کر دیا جائے۔ اسکا وجود صفحہ ہستی سے مٹا دیا جائے۔ تمام کافر قوتیں کسی گدھ کی مانند پاکستان کے گرد ہر وقت گھومتی رہتی ہیں اور کوشاں ہیں کہ کسی نہ کسی طرح پاکستان کو معاشی، سماجی اور اخلاقی طور پر مفلوج کر کے مردار بنا دیا جائے۔ قائد اعظم محمد علی جناح نے فرمایا۔ قیام پاکستان اور دوقومی نظریہ کی بنیاد پر پاکستان کے دشمن جدوجہد میں کوشاں ہیں کہ پاکستان کو زیر کر دیا جائے۔ اسکا وجود صفحہ ہستی سے مٹا دیا جائے۔ تمام کافر قوتیں کسی گدھ کی مانند پاکستان کے گرد ہر وقت گھومتی رہتی ہیں اور کوشاں ہیں کہ کسی نہ کسی طرح پاکستان کو معاشی، سماجی اور اخلاقی طور پر مفلوج کر کے مردار بنا دیا جائے۔ قائد اعظم محمد علی جناح نے فرمایا۔ قیام پاکستان اور دوقومی نظریہ کی بنیاد پر پاکستان کے دشمن جدوجہد میں کوشاں ہیں کہ پاکستان کو زیر کر دیا جائے۔ اسکا وجود صفحہ ہستی سے مٹا دیا جائے۔ تمام کافر قوتیں کسی گدھ کی مانند پاکستان کے گرد ہر وقت گھومتی رہتی ہیں اور کوشاں ہیں کہ کسی نہ کسی طرح پاکستان کو معاشی، سماجی اور اخلاقی طور پر مفلوج کر کے مردار بنا دیا جائے۔ قائد اعظم محمد علی جناح نے فرمایا۔ قیام پاکستان اور دوقومی نظریہ کی بنیاد پر پاکستان کے دشمن جدوجہد میں کوشاں ہیں کہ پاکستان کو زیر کر دیا جائے۔ اسکا وجود صفحہ ہستی سے مٹا دیا جائے۔ تمام کافر قوتیں کسی گدھ کی مانند پاکستان کے گرد ہر وقت گھومتی رہتی ہیں اور کوشاں ہیں کہ کسی نہ کسی طرح پاکستان کو معاشی، سماجی اور اخلاقی طور پر مفلوج کر کے مردار بنا دیا جائے۔ قائد اعظم محمد علی جناح نے فرمایا۔ قیام پاکستان اور دوقومی نظریہ کی بنیاد پر پاکستان کے دشمن جدوجہد میں کوشاں ہیں کہ پاکستان کو زیر کر دیا جائے۔ اسکا وجود صفحہ ہستی سے مٹا دیا جائے۔ تمام کافر قوتیں کسی گدھ کی مانند پاکستان کے گرد ہر وقت گھومتی رہتی ہیں اور کوشاں ہیں کہ کسی نہ کسی طرح پاکستان کو معاشی، سماجی اور اخلاقی طور پر مفلوج کر کے مردار بنا دیا جائے۔ قائد اعظم محمد
"There is no power on earth that can undo Pakistan"
قیام پاکستان اور دوقومی نظریہ کی بنیاد پر پاکستان کے دشمن جدوجہد میں کوشاں ہیں کہ پاکستان کو زیر کر دیا جائے۔ اسکا وجود صفحہ ہستی سے مٹا دیا جائے۔ تمام کافر قوتیں کسی گدھ کی مانند پاکستان کے گرد ہر وقت گھومتی رہتی ہیں اور کوشاں ہیں کہ کسی نہ کسی طرح پاکستان کو معاشی، سماجی اور اخلاقی طور پر مفلوج کر کے مردار بنا
